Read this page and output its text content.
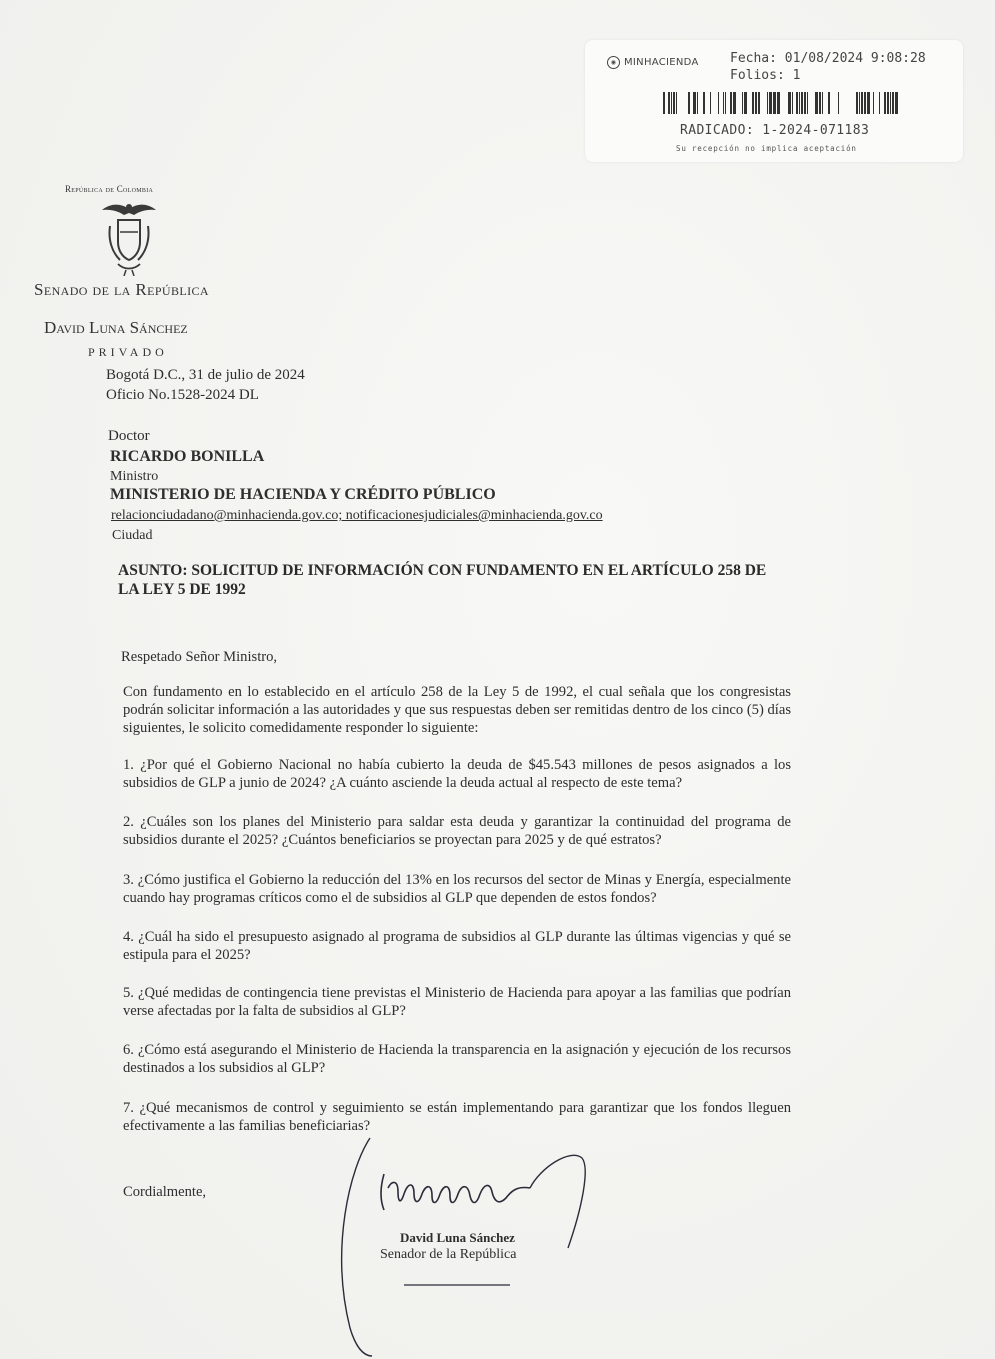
◉ MINHACIENDA Fecha: 01/08/2024 9:08:28
Folios: 1
RADICADO: 1-2024-071183
Su recepción no implica aceptación
República de Colombia
Senado de la República
David Luna Sánchez
PRIVADO
Bogotá D.C., 31 de julio de 2024
Oficio No.1528-2024 DL
Doctor
RICARDO BONILLA
Ministro
MINISTERIO DE HACIENDA Y CRÉDITO PÚBLICO
relacionciudadano@minhacienda.gov.co; notificacionesjudiciales@minhacienda.gov.co
Ciudad
ASUNTO: SOLICITUD DE INFORMACIÓN CON FUNDAMENTO EN EL ARTÍCULO 258 DE LA LEY 5 DE 1992
Respetado Señor Ministro,
Con fundamento en lo establecido en el artículo 258 de la Ley 5 de 1992, el cual señala que los congresistas podrán solicitar información a las autoridades y que sus respuestas deben ser remitidas dentro de los cinco (5) días siguientes, le solicito comedidamente responder lo siguiente:
1. ¿Por qué el Gobierno Nacional no había cubierto la deuda de $45.543 millones de pesos asignados a los subsidios de GLP a junio de 2024? ¿A cuánto asciende la deuda actual al respecto de este tema?
2. ¿Cuáles son los planes del Ministerio para saldar esta deuda y garantizar la continuidad del programa de subsidios durante el 2025? ¿Cuántos beneficiarios se proyectan para 2025 y de qué estratos?
3. ¿Cómo justifica el Gobierno la reducción del 13% en los recursos del sector de Minas y Energía, especialmente cuando hay programas críticos como el de subsidios al GLP que dependen de estos fondos?
4. ¿Cuál ha sido el presupuesto asignado al programa de subsidios al GLP durante las últimas vigencias y qué se estipula para el 2025?
5. ¿Qué medidas de contingencia tiene previstas el Ministerio de Hacienda para apoyar a las familias que podrían verse afectadas por la falta de subsidios al GLP?
6. ¿Cómo está asegurando el Ministerio de Hacienda la transparencia en la asignación y ejecución de los recursos destinados a los subsidios al GLP?
7. ¿Qué mecanismos de control y seguimiento se están implementando para garantizar que los fondos lleguen efectivamente a las familias beneficiarias?
Cordialmente,
David Luna Sánchez
Senador de la República
